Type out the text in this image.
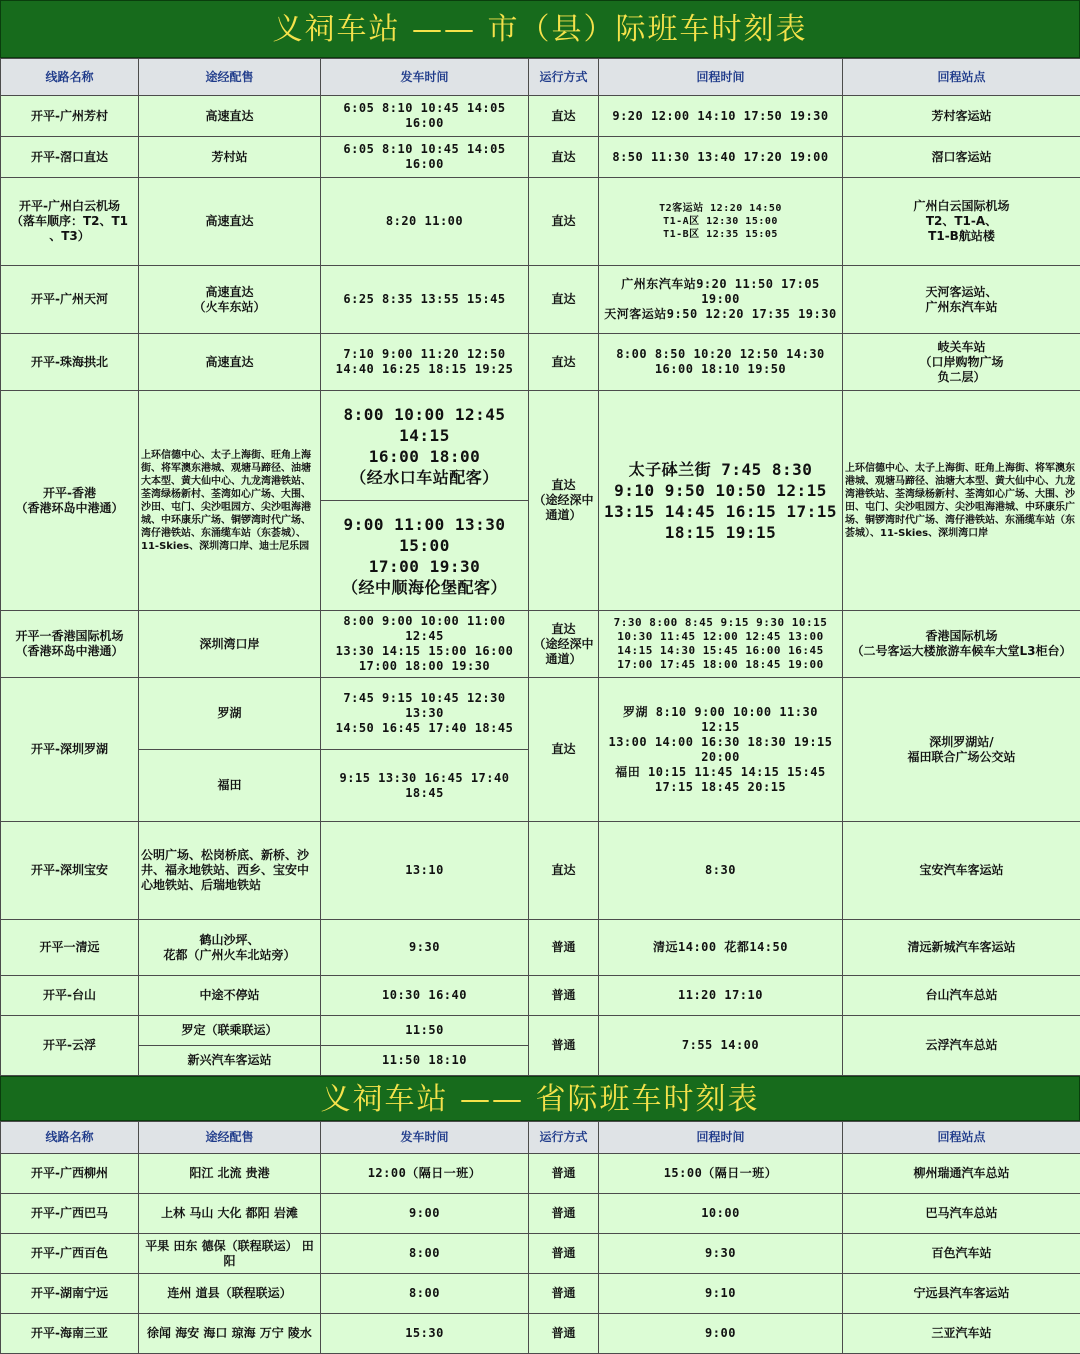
义祠车站 —— 市（县）际班车时刻表
线路名称	途经配售	发车时间	运行方式	回程时间	回程站点
开平-广州芳村	高速直达	6:05 8:10 10:45 14:05 16:00	直达	9:20 12:00 14:10 17:50 19:30	芳村客运站
开平-滘口直达	芳村站	6:05 8:10 10:45 14:05 16:00	直达	8:50 11:30 13:40 17:20 19:00	滘口客运站
开平-广州白云机场
（落车顺序：T2、T1
、T3）	高速直达	8:20 11:00	直达	T2客运站 12:20 14:50
T1-A区 12:30 15:00
T1-B区 12:35 15:05	广州白云国际机场
T2、T1-A、
T1-B航站楼
开平-广州天河	高速直达
（火车东站）	6:25 8:35 13:55 15:45	直达	广州东汽车站9:20 11:50 17:05
19:00
天河客运站9:50 12:20 17:35 19:30	天河客运站、
广州东汽车站
开平-珠海拱北	高速直达	7:10 9:00 11:20 12:50
14:40 16:25 18:15 19:25	直达	8:00 8:50 10:20 12:50 14:30
16:00 18:10 19:50	岐关车站
（口岸购物广场
负二层）
开平-香港
（香港环岛中港通）	上环信德中心、太子上海街、旺角上海街、将军澳东港城、观塘马蹄径、油塘大本型、黄大仙中心、九龙湾港铁站、荃湾绿杨新村、荃湾如心广场、大围、沙田、屯门、尖沙咀园方、尖沙咀海港城、中环康乐广场、铜锣湾时代广场、湾仔港铁站、东涌缆车站（东荟城）、11-Skies、深圳湾口岸、迪士尼乐园	8:00 10:00 12:45 14:15
16:00 18:00
（经水口车站配客）	直达
（途经深中
通道）	太子砵兰街 7:45 8:30
9:10 9:50 10:50 12:15
13:15 14:45 16:15 17:15
18:15 19:15	上环信德中心、太子上海街、旺角上海街、将军澳东港城、观塘马蹄径、油塘大本型、黄大仙中心、九龙湾港铁站、荃湾绿杨新村、荃湾如心广场、大围、沙田、屯门、尖沙咀园方、尖沙咀海港城、中环康乐广场、铜锣湾时代广场、湾仔港铁站、东涌缆车站（东荟城）、11-Skies、深圳湾口岸
		9:00 11:00 13:30 15:00
17:00 19:30
（经中顺海伦堡配客）			
开平一香港国际机场
（香港环岛中港通）	深圳湾口岸	8:00 9:00 10:00 11:00 12:45
13:30 14:15 15:00 16:00
17:00 18:00 19:30	直达
（途经深中
通道）	7:30 8:00 8:45 9:15 9:30 10:15
10:30 11:45 12:00 12:45 13:00
14:15 14:30 15:45 16:00 16:45
17:00 17:45 18:00 18:45 19:00	香港国际机场
（二号客运大楼旅游车候车大堂L3柜台）
开平-深圳罗湖	罗湖	7:45 9:15 10:45 12:30 13:30
14:50 16:45 17:40 18:45	直达	罗湖 8:10 9:00 10:00 11:30 12:15
13:00 14:00 16:30 18:30 19:15
20:00
福田 10:15 11:45 14:15 15:45
17:15 18:45 20:15	深圳罗湖站/
福田联合广场公交站
	福田	9:15 13:30 16:45 17:40
18:45			
开平-深圳宝安	公明广场、松岗桥底、新桥、沙井、福永地铁站、西乡、宝安中心地铁站、后瑞地铁站	13:10	直达	8:30	宝安汽车客运站
开平一清远	鹤山沙坪、
花都（广州火车北站旁）	9:30	普通	清远14:00 花都14:50	清远新城汽车客运站
开平-台山	中途不停站	10:30 16:40	普通	11:20 17:10	台山汽车总站
开平-云浮	罗定（联乘联运）	11:50	普通	7:55 14:00	云浮汽车总站
	新兴汽车客运站	11:50 18:10			
义祠车站 —— 省际班车时刻表
线路名称	途经配售	发车时间	运行方式	回程时间	回程站点
开平-广西柳州	阳江 北流 贵港	12:00（隔日一班）	普通	15:00（隔日一班）	柳州瑞通汽车总站
开平-广西巴马	上林 马山 大化 都阳 岩滩	9:00	普通	10:00	巴马汽车总站
开平-广西百色	平果 田东 德保（联程联运） 田阳	8:00	普通	9:30	百色汽车站
开平-湖南宁远	连州 道县（联程联运）	8:00	普通	9:10	宁远县汽车客运站
开平-海南三亚	徐闻 海安 海口 琼海 万宁 陵水	15:30	普通	9:00	三亚汽车站
